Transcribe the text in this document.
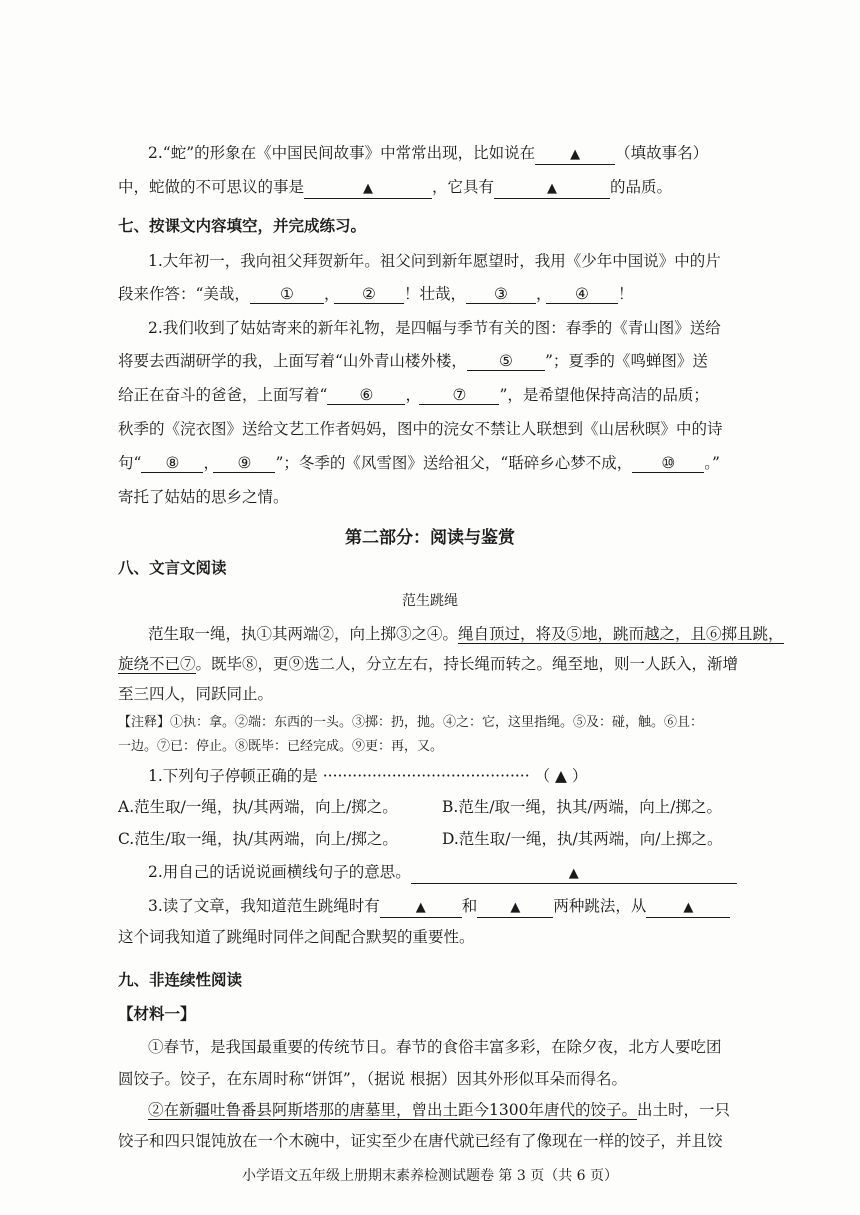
2.“蛇”的形象在《中国民间故事》中常常出现，比如说在	▲ （填故事名）
中，蛇做的不可思议的事是	▲	，它具有	▲	的品质。
七、按课文内容填空，并完成练习。
1.大年初一，我向祖父拜贺新年。祖父问到新年愿望时，我用《少年中国说》中的片
段来作答：“美哉， ① ， ② ！壮哉， ③ ， ④ ！
2.我们收到了姑姑寄来的新年礼物，是四幅与季节有关的图：春季的《青山图》送给
将要去西湖研学的我，上面写着“山外青山楼外楼， ⑤ ”；夏季的《鸣蝉图》送
给正在奋斗的爸爸，上面写着“ ⑥ ， ⑦ ”，是希望他保持高洁的品质；
秋季的《浣衣图》送给文艺工作者妈妈，图中的浣女不禁让人联想到《山居秋暝》中的诗
句“ ⑧ ， ⑨ ”；冬季的《风雪图》送给祖父，“聒碎乡心梦不成， ⑩ 。”
寄托了姑姑的思乡之情。
第二部分：阅读与鉴赏
八、文言文阅读
范生跳绳
范生取一绳，执①其两端②，向上掷③之④。绳自顶过，将及⑤地，跳而越之，且⑥掷且跳，
旋绕不已⑦。既毕⑧，更⑨选二人，分立左右，持长绳而转之。绳至地，则一人跃入，渐增
至三四人，同跃同止。
【注释】①执：拿。②端：东西的一头。③掷：扔，抛。④之：它，这里指绳。⑤及：碰，触。⑥且：
一边。⑦已：停止。⑧既毕：已经完成。⑨更：再，又。
1.下列句子停顿正确的是 ·········································· （ ▲ ）
A.范生取/一绳，执/其两端，向上/掷之。	B.范生/取一绳，执其/两端，向上/掷之。
C.范生/取一绳，执/其两端，向上/掷之。	D.范生取/一绳，执/其两端，向/上掷之。
2.用自己的话说说画横线句子的意思。	▲
3.读了文章，我知道范生跳绳时有	▲ 和	▲ 两种跳法，从	▲
这个词我知道了跳绳时同伴之间配合默契的重要性。
九、非连续性阅读
【材料一】
①春节，是我国最重要的传统节日。春节的食俗丰富多彩，在除夕夜，北方人要吃团
圆饺子。饺子，在东周时称“饼饵”，（据说 根据）因其外形似耳朵而得名。
②在新疆吐鲁番县阿斯塔那的唐墓里，曾出土距今1300年唐代的饺子。出土时，一只
饺子和四只馄饨放在一个木碗中，证实至少在唐代就已经有了像现在一样的饺子，并且饺
小学语文五年级上册期末素养检测试题卷 第 3 页（共 6 页）
